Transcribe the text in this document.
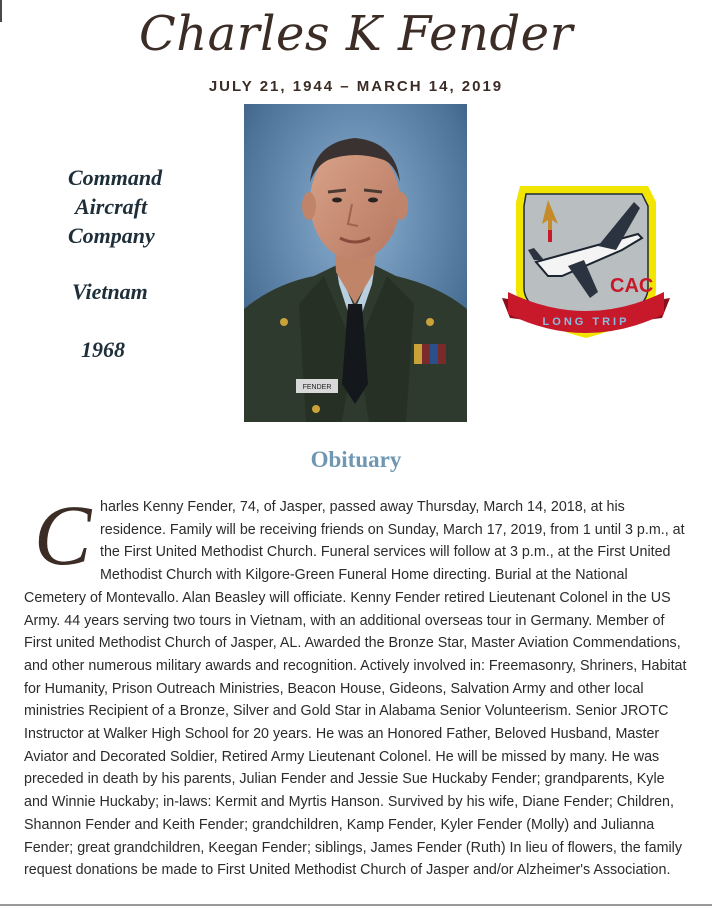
Charles K Fender
JULY 21, 1944 – MARCH 14, 2019
Command
Aircraft
Company
Vietnam
1968
FENDER
CAC
LONG TRIP
Obituary
C harles Kenny Fender, 74, of Jasper, passed away Thursday, March 14, 2018, at his residence. Family will be receiving friends on Sunday, March 17, 2019, from 1 until 3 p.m., at the First United Methodist Church. Funeral services will follow at 3 p.m., at the First United Methodist Church with Kilgore-Green Funeral Home directing. Burial at the National Cemetery of Montevallo. Alan Beasley will officiate. Kenny Fender retired Lieutenant Colonel in the US Army. 44 years serving two tours in Vietnam, with an additional overseas tour in Germany. Member of First united Methodist Church of Jasper, AL. Awarded the Bronze Star, Master Aviation Commendations, and other numerous military awards and recognition. Actively involved in: Freemasonry, Shriners, Habitat for Humanity, Prison Outreach Ministries, Beacon House, Gideons, Salvation Army and other local ministries Recipient of a Bronze, Silver and Gold Star in Alabama Senior Volunteerism. Senior JROTC Instructor at Walker High School for 20 years. He was an Honored Father, Beloved Husband, Master Aviator and Decorated Soldier, Retired Army Lieutenant Colonel. He will be missed by many. He was preceded in death by his parents, Julian Fender and Jessie Sue Huckaby Fender; grandparents, Kyle and Winnie Huckaby; in-laws: Kermit and Myrtis Hanson. Survived by his wife, Diane Fender; Children, Shannon Fender and Keith Fender; grandchildren, Kamp Fender, Kyler Fender (Molly) and Julianna Fender; great grandchildren, Keegan Fender; siblings, James Fender (Ruth) In lieu of flowers, the family request donations be made to First United Methodist Church of Jasper and/or Alzheimer's Association.
